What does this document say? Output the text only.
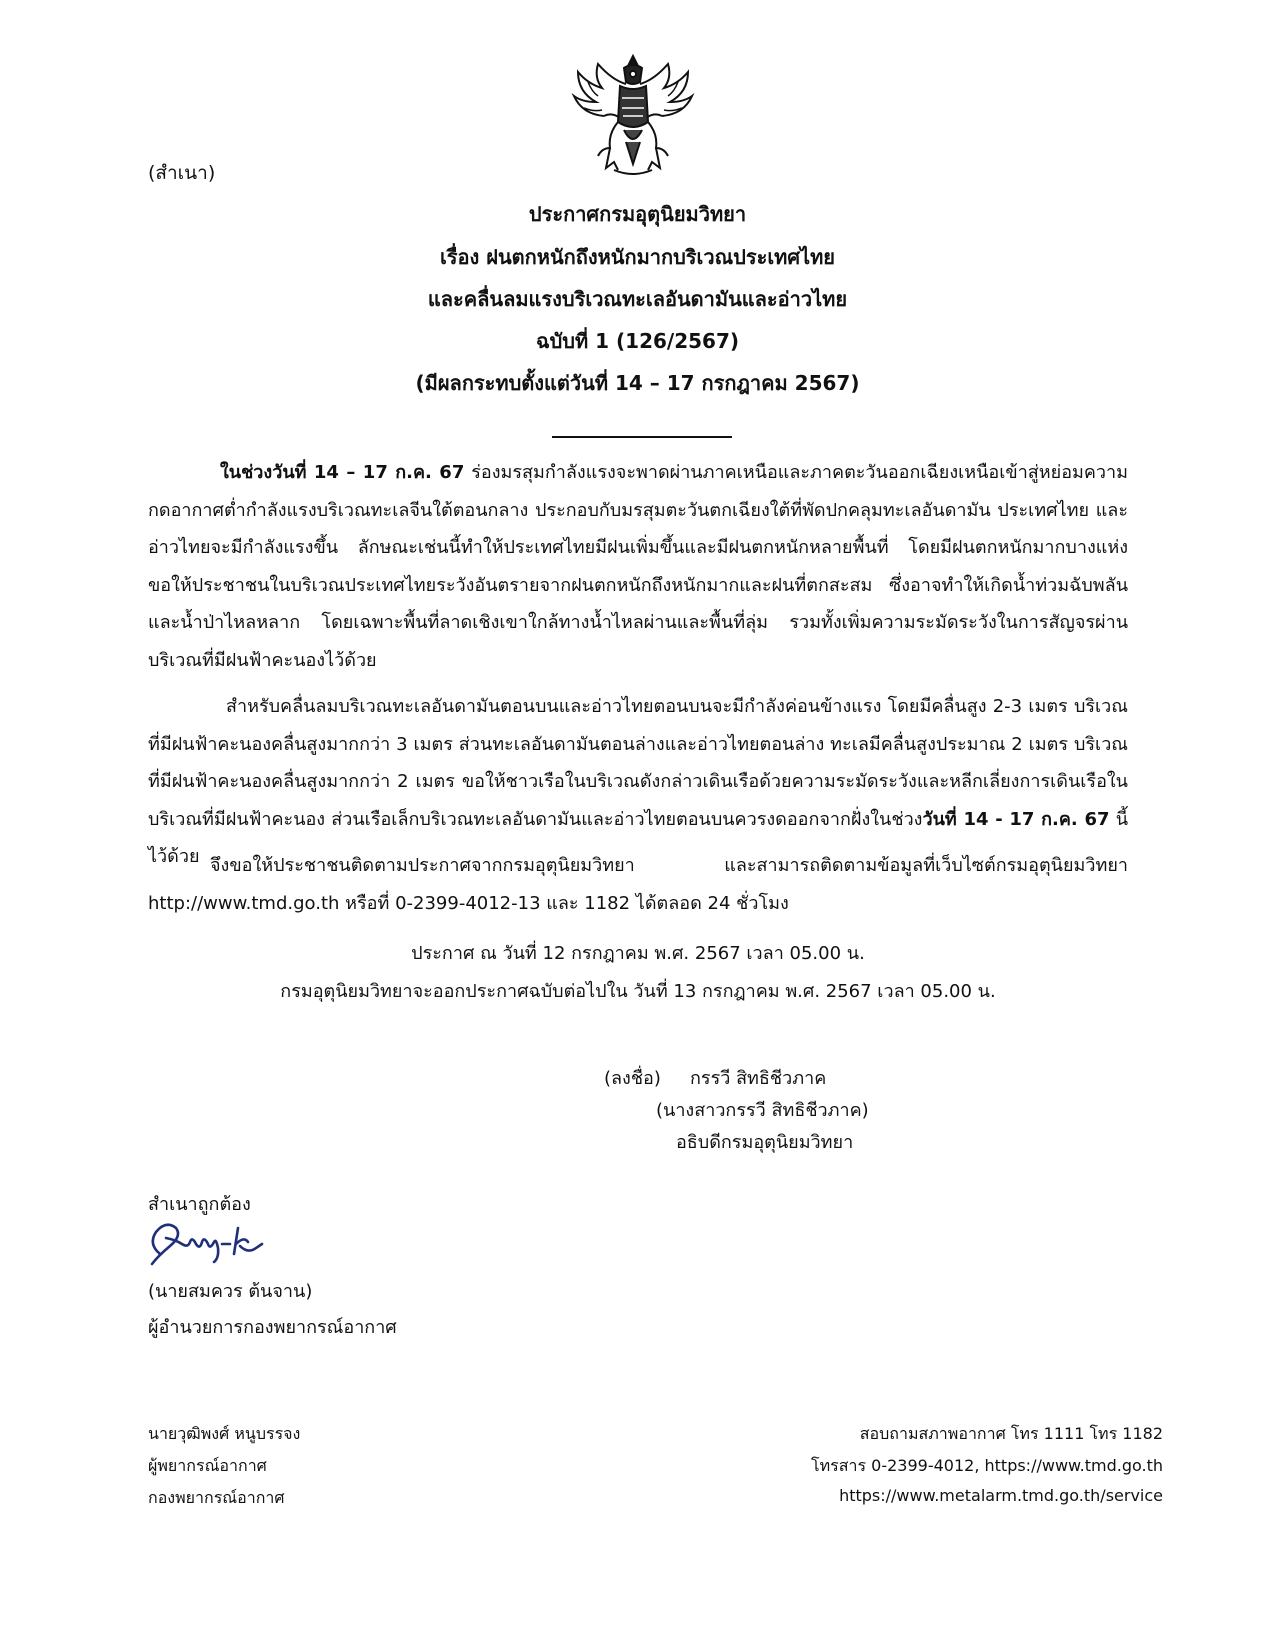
(สำเนา)
ประกาศกรมอุตุนิยมวิทยา
เรื่อง ฝนตกหนักถึงหนักมากบริเวณประเทศไทย
และคลื่นลมแรงบริเวณทะเลอันดามันและอ่าวไทย
ฉบับที่ 1 (126/2567)
(มีผลกระทบตั้งแต่วันที่ 14 – 17 กรกฎาคม 2567)
ในช่วงวันที่ 14 – 17 ก.ค. 67 ร่องมรสุมกำลังแรงจะพาดผ่านภาคเหนือและภาคตะวันออกเฉียงเหนือเข้าสู่หย่อมความกดอากาศต่ำกำลังแรงบริเวณทะเลจีนใต้ตอนกลาง ประกอบกับมรสุมตะวันตกเฉียงใต้ที่พัดปกคลุมทะเลอันดามัน ประเทศไทย และอ่าวไทยจะมีกำลังแรงขึ้น ลักษณะเช่นนี้ทำให้ประเทศไทยมีฝนเพิ่มขึ้นและมีฝนตกหนักหลายพื้นที่ โดยมีฝนตกหนักมากบางแห่ง ขอให้ประชาชนในบริเวณประเทศไทยระวังอันตรายจากฝนตกหนักถึงหนักมากและฝนที่ตกสะสม ซึ่งอาจทำให้เกิดน้ำท่วมฉับพลันและน้ำป่าไหลหลาก โดยเฉพาะพื้นที่ลาดเชิงเขาใกล้ทางน้ำไหลผ่านและพื้นที่ลุ่ม รวมทั้งเพิ่มความระมัดระวังในการสัญจรผ่านบริเวณที่มีฝนฟ้าคะนองไว้ด้วย
สำหรับคลื่นลมบริเวณทะเลอันดามันตอนบนและอ่าวไทยตอนบนจะมีกำลังค่อนข้างแรง โดยมีคลื่นสูง 2-3 เมตร บริเวณที่มีฝนฟ้าคะนองคลื่นสูงมากกว่า 3 เมตร ส่วนทะเลอันดามันตอนล่างและอ่าวไทยตอนล่าง ทะเลมีคลื่นสูงประมาณ 2 เมตร บริเวณที่มีฝนฟ้าคะนองคลื่นสูงมากกว่า 2 เมตร ขอให้ชาวเรือในบริเวณดังกล่าวเดินเรือด้วยความระมัดระวังและหลีกเลี่ยงการเดินเรือในบริเวณที่มีฝนฟ้าคะนอง ส่วนเรือเล็กบริเวณทะเลอันดามันและอ่าวไทยตอนบนควรงดออกจากฝั่งในช่วงวันที่ 14 - 17 ก.ค. 67 นี้ไว้ด้วย จึงขอให้ประชาชนติดตามประกาศจากกรมอุตุนิยมวิทยา และสามารถติดตามข้อมูลที่เว็บไซต์กรมอุตุนิยมวิทยา http://www.tmd.go.th หรือที่ 0-2399-4012-13 และ 1182 ได้ตลอด 24 ชั่วโมง
ประกาศ ณ วันที่ 12 กรกฎาคม พ.ศ. 2567 เวลา 05.00 น.
กรมอุตุนิยมวิทยาจะออกประกาศฉบับต่อไปใน วันที่ 13 กรกฎาคม พ.ศ. 2567 เวลา 05.00 น.
(ลงชื่อ) กรรวี สิทธิชีวภาค
(นางสาวกรรวี สิทธิชีวภาค)
อธิบดีกรมอุตุนิยมวิทยา
สำเนาถูกต้อง
(นายสมควร ต้นจาน)
ผู้อำนวยการกองพยากรณ์อากาศ
นายวุฒิพงศ์ หนูบรรจง
ผู้พยากรณ์อากาศ
กองพยากรณ์อากาศ
สอบถามสภาพอากาศ โทร 1111 โทร 1182
โทรสาร 0-2399-4012, https://www.tmd.go.th
https://www.metalarm.tmd.go.th/service
